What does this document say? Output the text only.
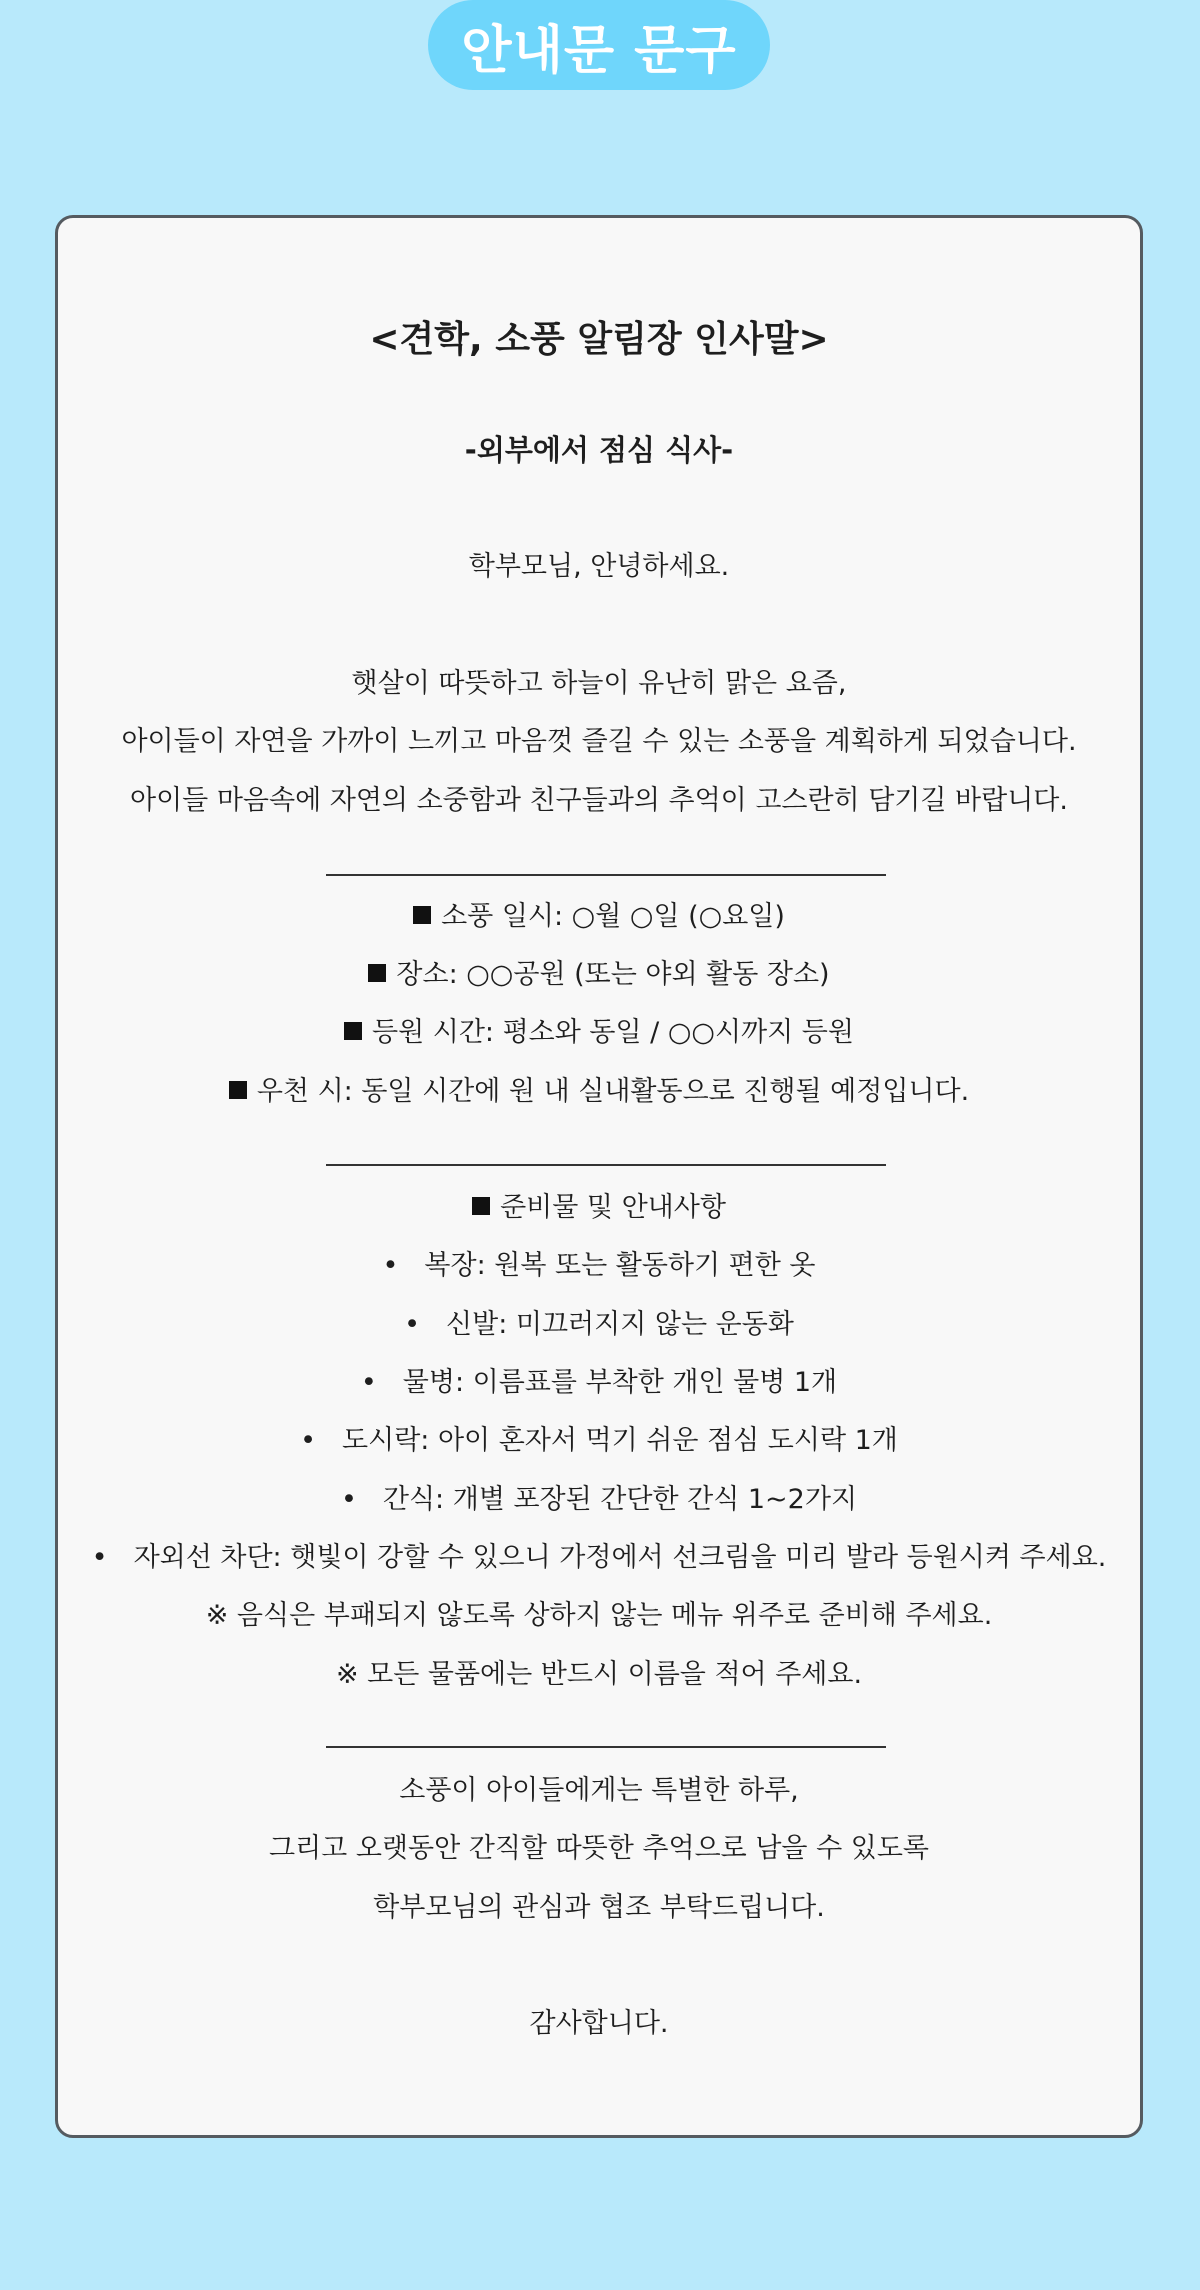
안내문 문구
<견학, 소풍 알림장 인사말>
-외부에서 점심 식사-
학부모님, 안녕하세요.
햇살이 따뜻하고 하늘이 유난히 맑은 요즘,
아이들이 자연을 가까이 느끼고 마음껏 즐길 수 있는 소풍을 계획하게 되었습니다.
아이들 마음속에 자연의 소중함과 친구들과의 추억이 고스란히 담기길 바랍니다.
소풍 일시: ○월 ○일 (○요일)
장소: ○○공원 (또는 야외 활동 장소)
등원 시간: 평소와 동일 / ○○시까지 등원
우천 시: 동일 시간에 원 내 실내활동으로 진행될 예정입니다.
준비물 및 안내사항
• 복장: 원복 또는 활동하기 편한 옷
• 신발: 미끄러지지 않는 운동화
• 물병: 이름표를 부착한 개인 물병 1개
• 도시락: 아이 혼자서 먹기 쉬운 점심 도시락 1개
• 간식: 개별 포장된 간단한 간식 1~2가지
• 자외선 차단: 햇빛이 강할 수 있으니 가정에서 선크림을 미리 발라 등원시켜 주세요.
※ 음식은 부패되지 않도록 상하지 않는 메뉴 위주로 준비해 주세요.
※ 모든 물품에는 반드시 이름을 적어 주세요.
소풍이 아이들에게는 특별한 하루,
그리고 오랫동안 간직할 따뜻한 추억으로 남을 수 있도록
학부모님의 관심과 협조 부탁드립니다.
감사합니다.
